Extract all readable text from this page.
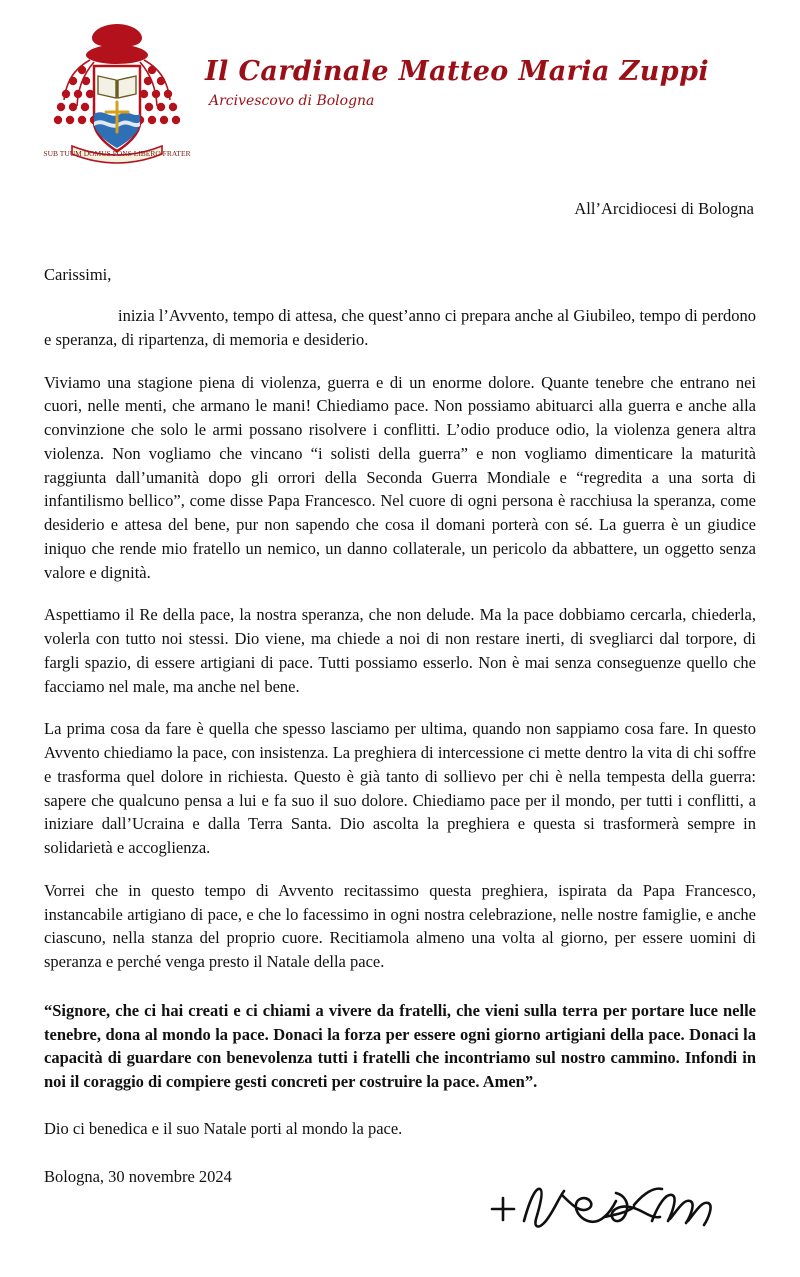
SUB TUUM DOMUS PONS LIBERO FRATER
Il Cardinale Matteo Maria Zuppi
Arcivescovo di Bologna
All’Arcidiocesi di Bologna
Carissimi,

inizia l’Avvento, tempo di attesa, che quest’anno ci prepara anche al Giubileo, tempo di perdono e speranza, di ripartenza, di memoria e desiderio.

Viviamo una stagione piena di violenza, guerra e di un enorme dolore. Quante tenebre che entrano nei cuori, nelle menti, che armano le mani! Chiediamo pace. Non possiamo abituarci alla guerra e anche alla convinzione che solo le armi possano risolvere i conflitti. L’odio produce odio, la violenza genera altra violenza. Non vogliamo che vincano “i solisti della guerra” e non vogliamo dimenticare la maturità raggiunta dall’umanità dopo gli orrori della Seconda Guerra Mondiale e “regredita a una sorta di infantilismo bellico”, come disse Papa Francesco. Nel cuore di ogni persona è racchiusa la speranza, come desiderio e attesa del bene, pur non sapendo che cosa il domani porterà con sé. La guerra è un giudice iniquo che rende mio fratello un nemico, un danno collaterale, un pericolo da abbattere, un oggetto senza valore e dignità.

Aspettiamo il Re della pace, la nostra speranza, che non delude. Ma la pace dobbiamo cercarla, chiederla, volerla con tutto noi stessi. Dio viene, ma chiede a noi di non restare inerti, di svegliarci dal torpore, di fargli spazio, di essere artigiani di pace. Tutti possiamo esserlo. Non è mai senza conseguenze quello che facciamo nel male, ma anche nel bene.

La prima cosa da fare è quella che spesso lasciamo per ultima, quando non sappiamo cosa fare. In questo Avvento chiediamo la pace, con insistenza. La preghiera di intercessione ci mette dentro la vita di chi soffre e trasforma quel dolore in richiesta. Questo è già tanto di sollievo per chi è nella tempesta della guerra: sapere che qualcuno pensa a lui e fa suo il suo dolore. Chiediamo pace per il mondo, per tutti i conflitti, a iniziare dall’Ucraina e dalla Terra Santa. Dio ascolta la preghiera e questa si trasformerà sempre in solidarietà e accoglienza.

Vorrei che in questo tempo di Avvento recitassimo questa preghiera, ispirata da Papa Francesco, instancabile artigiano di pace, e che lo facessimo in ogni nostra celebrazione, nelle nostre famiglie, e anche ciascuno, nella stanza del proprio cuore. Recitiamola almeno una volta al giorno, per essere uomini di speranza e perché venga presto il Natale della pace.

“Signore, che ci hai creati e ci chiami a vivere da fratelli, che vieni sulla terra per portare luce nelle tenebre, dona al mondo la pace. Donaci la forza per essere ogni giorno artigiani della pace. Donaci la capacità di guardare con benevolenza tutti i fratelli che incontriamo sul nostro cammino. Infondi in noi il coraggio di compiere gesti concreti per costruire la pace. Amen”.

Dio ci benedica e il suo Natale porti al mondo la pace.

Bologna, 30 novembre 2024
